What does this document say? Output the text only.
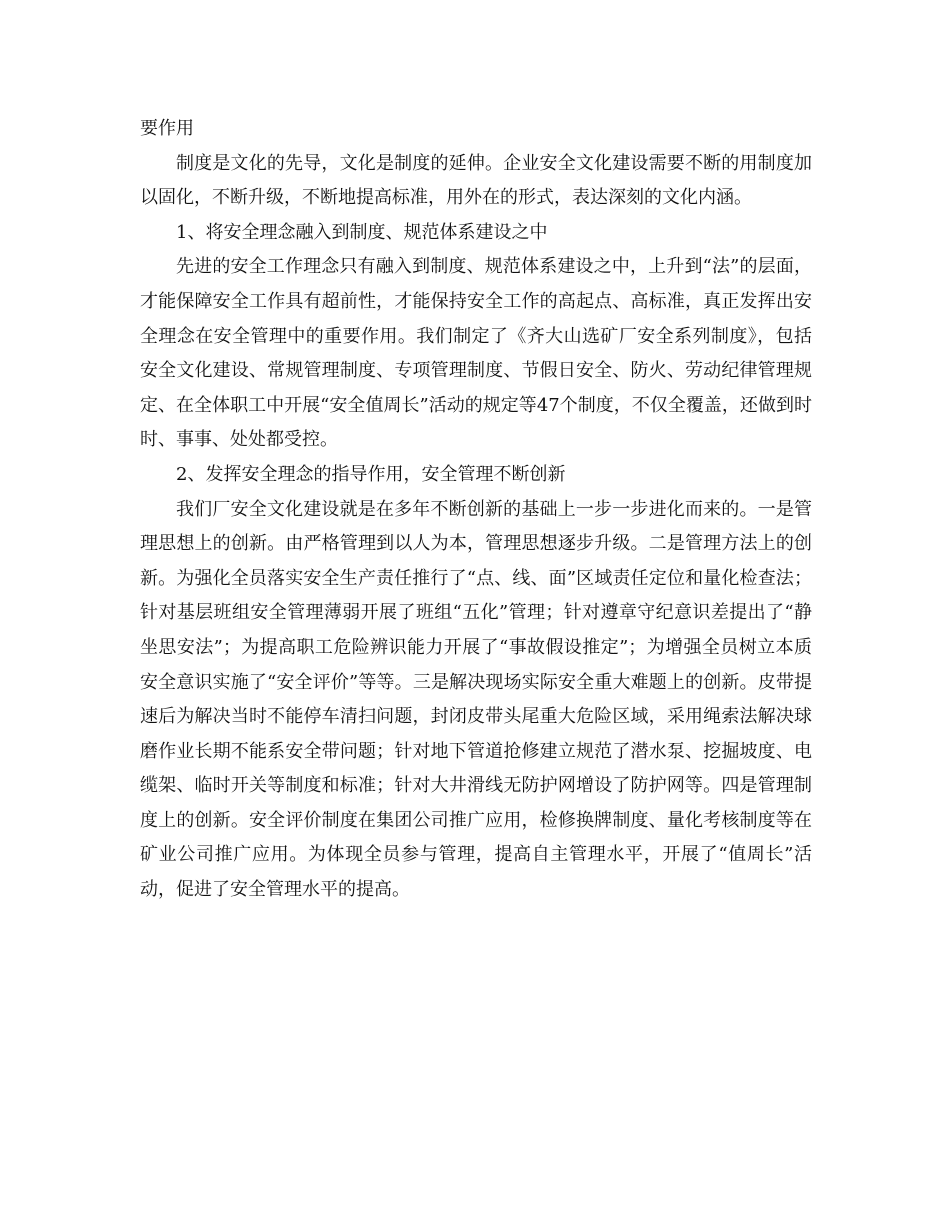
要作用

制度是文化的先导，文化是制度的延伸。企业安全文化建设需要不断的用制度加以固化，不断升级，不断地提高标准，用外在的形式，表达深刻的文化内涵。

1、将安全理念融入到制度、规范体系建设之中

先进的安全工作理念只有融入到制度、规范体系建设之中，上升到“法”的层面，才能保障安全工作具有超前性，才能保持安全工作的高起点、高标准，真正发挥出安全理念在安全管理中的重要作用。我们制定了《齐大山选矿厂安全系列制度》，包括安全文化建设、常规管理制度、专项管理制度、节假日安全、防火、劳动纪律管理规定、在全体职工中开展“安全值周长”活动的规定等47个制度，不仅全覆盖，还做到时时、事事、处处都受控。

2、发挥安全理念的指导作用，安全管理不断创新

我们厂安全文化建设就是在多年不断创新的基础上一步一步进化而来的。一是管理思想上的创新。由严格管理到以人为本，管理思想逐步升级。二是管理方法上的创新。为强化全员落实安全生产责任推行了“点、线、面”区域责任定位和量化检查法；针对基层班组安全管理薄弱开展了班组“五化”管理；针对遵章守纪意识差提出了“静坐思安法”；为提高职工危险辨识能力开展了“事故假设推定”；为增强全员树立本质安全意识实施了“安全评价”等等。三是解决现场实际安全重大难题上的创新。皮带提速后为解决当时不能停车清扫问题，封闭皮带头尾重大危险区域，采用绳索法解决球磨作业长期不能系安全带问题；针对地下管道抢修建立规范了潜水泵、挖掘坡度、电缆架、临时开关等制度和标准；针对大井滑线无防护网增设了防护网等。四是管理制度上的创新。安全评价制度在集团公司推广应用，检修换牌制度、量化考核制度等在矿业公司推广应用。为体现全员参与管理，提高自主管理水平，开展了“值周长”活动，促进了安全管理水平的提高。
